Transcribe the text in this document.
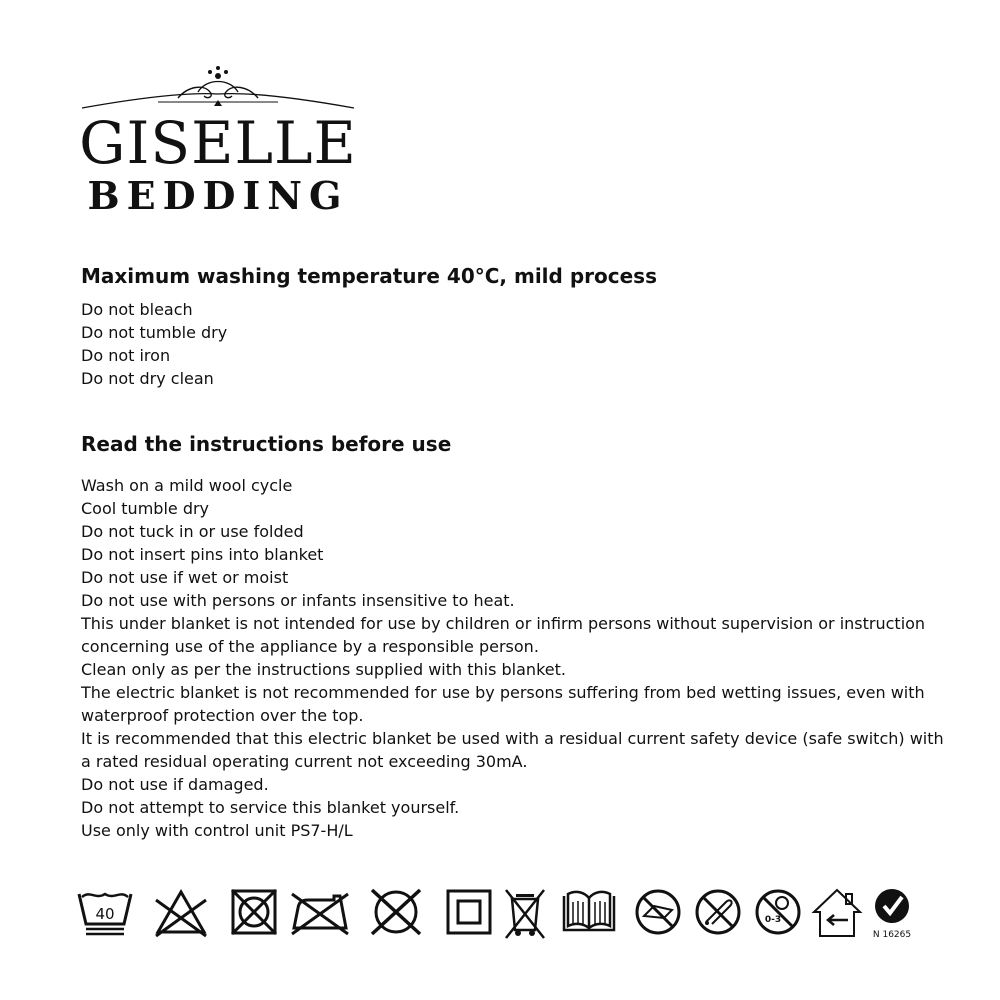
GISELLE
BEDDING

Maximum washing temperature 40°C, mild process

Do not bleach
Do not tumble dry
Do not iron
Do not dry clean

Read the instructions before use

Wash on a mild wool cycle
Cool tumble dry
Do not tuck in or use folded
Do not insert pins into blanket
Do not use if wet or moist
Do not use with persons or infants insensitive to heat.
This under blanket is not intended for use by children or infirm persons without supervision or instruction
concerning use of the appliance by a responsible person.
Clean only as per the instructions supplied with this blanket.
The electric blanket is not recommended for use by persons suffering from bed wetting issues, even with
waterproof protection over the top.
It is recommended that this electric blanket be used with a residual current safety device (safe switch) with
a rated residual operating current not exceeding 30mA.
Do not use if damaged.
Do not attempt to service this blanket yourself.
Use only with control unit PS7-H/L
40	0-3
N 16265
